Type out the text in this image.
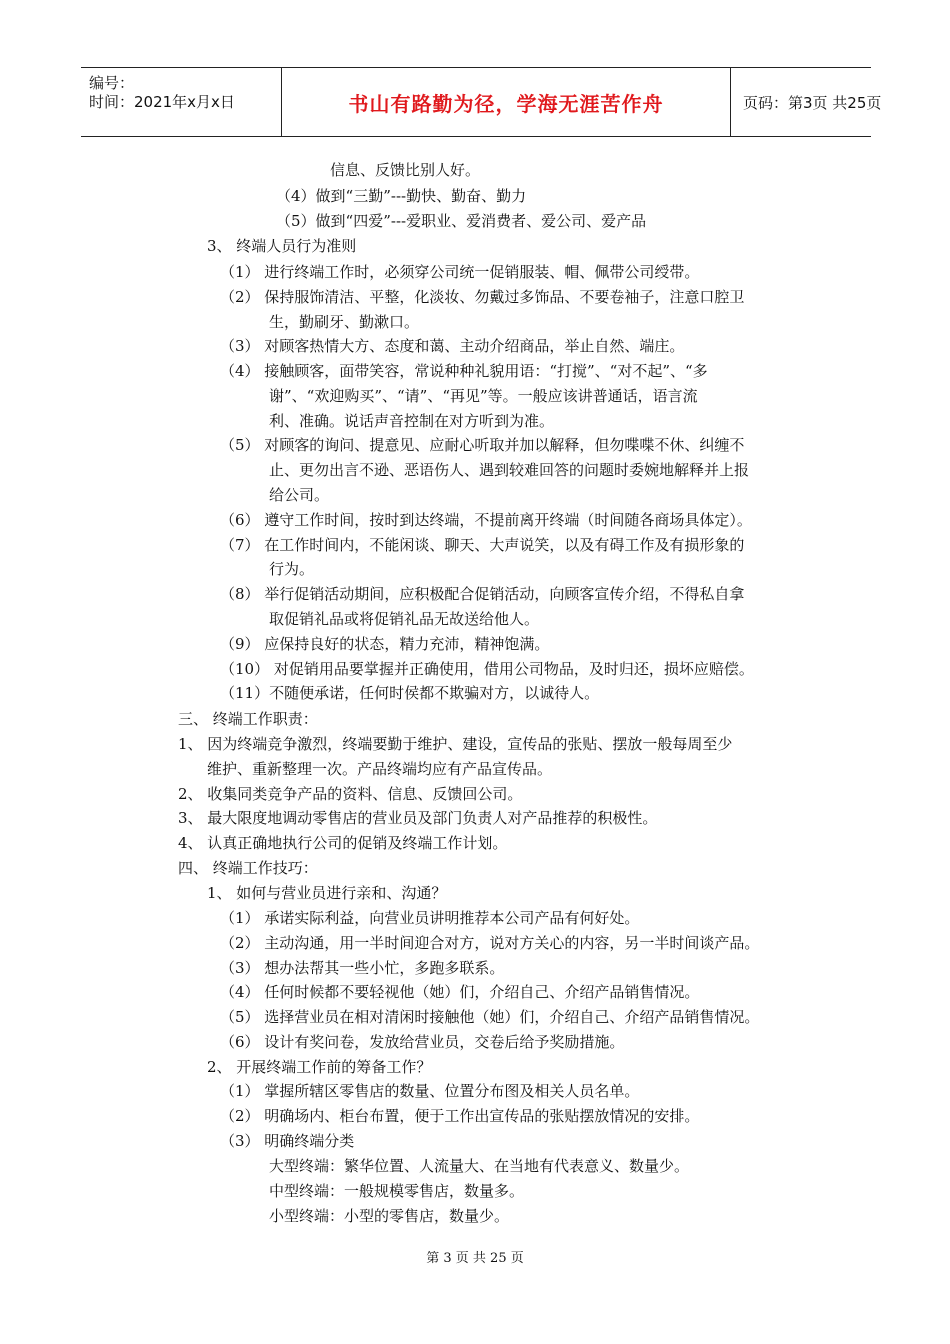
编号：
时间：2021年x月x日	书山有路勤为径，学海无涯苦作舟	页码：第3页 共25页
信息、反馈比别人好。
（4）做到“三勤”---勤快、勤奋、勤力
（5）做到“四爱”---爱职业、爱消费者、爱公司、爱产品
3、 终端人员行为准则
（1） 进行终端工作时，必须穿公司统一促销服装、帽、佩带公司绶带。
（2） 保持服饰清洁、平整，化淡妆、勿戴过多饰品、不要卷袖子，注意口腔卫
生，勤刷牙、勤漱口。
（3） 对顾客热情大方、态度和蔼、主动介绍商品，举止自然、端庄。
（4） 接触顾客，面带笑容，常说种种礼貌用语：“打搅”、“对不起”、“多
谢”、“欢迎购买”、“请”、“再见”等。一般应该讲普通话，语言流
利、准确。说话声音控制在对方听到为准。
（5） 对顾客的询问、提意见、应耐心听取并加以解释，但勿喋喋不休、纠缠不
止、更勿出言不逊、恶语伤人、遇到较难回答的问题时委婉地解释并上报
给公司。
（6） 遵守工作时间，按时到达终端，不提前离开终端（时间随各商场具体定）。
（7） 在工作时间内，不能闲谈、聊天、大声说笑，以及有碍工作及有损形象的
行为。
（8） 举行促销活动期间，应积极配合促销活动，向顾客宣传介绍，不得私自拿
取促销礼品或将促销礼品无故送给他人。
（9） 应保持良好的状态，精力充沛，精神饱满。
（10） 对促销用品要掌握并正确使用，借用公司物品，及时归还，损坏应赔偿。
（11）不随便承诺，任何时侯都不欺骗对方，以诚待人。
三、 终端工作职责：
1、 因为终端竞争激烈，终端要勤于维护、建设，宣传品的张贴、摆放一般每周至少
维护、重新整理一次。产品终端均应有产品宣传品。
2、 收集同类竞争产品的资料、信息、反馈回公司。
3、 最大限度地调动零售店的营业员及部门负责人对产品推荐的积极性。
4、 认真正确地执行公司的促销及终端工作计划。
四、 终端工作技巧：
1、 如何与营业员进行亲和、沟通？
（1） 承诺实际利益，向营业员讲明推荐本公司产品有何好处。
（2） 主动沟通，用一半时间迎合对方，说对方关心的内容，另一半时间谈产品。
（3） 想办法帮其一些小忙，多跑多联系。
（4） 任何时候都不要轻视他（她）们，介绍自己、介绍产品销售情况。
（5） 选择营业员在相对清闲时接触他（她）们，介绍自己、介绍产品销售情况。
（6） 设计有奖问卷，发放给营业员，交卷后给予奖励措施。
2、 开展终端工作前的筹备工作？
（1） 掌握所辖区零售店的数量、位置分布图及相关人员名单。
（2） 明确场内、柜台布置，便于工作出宣传品的张贴摆放情况的安排。
（3） 明确终端分类
大型终端：繁华位置、人流量大、在当地有代表意义、数量少。
中型终端：一般规模零售店，数量多。
小型终端：小型的零售店，数量少。
第 3 页 共 25 页
